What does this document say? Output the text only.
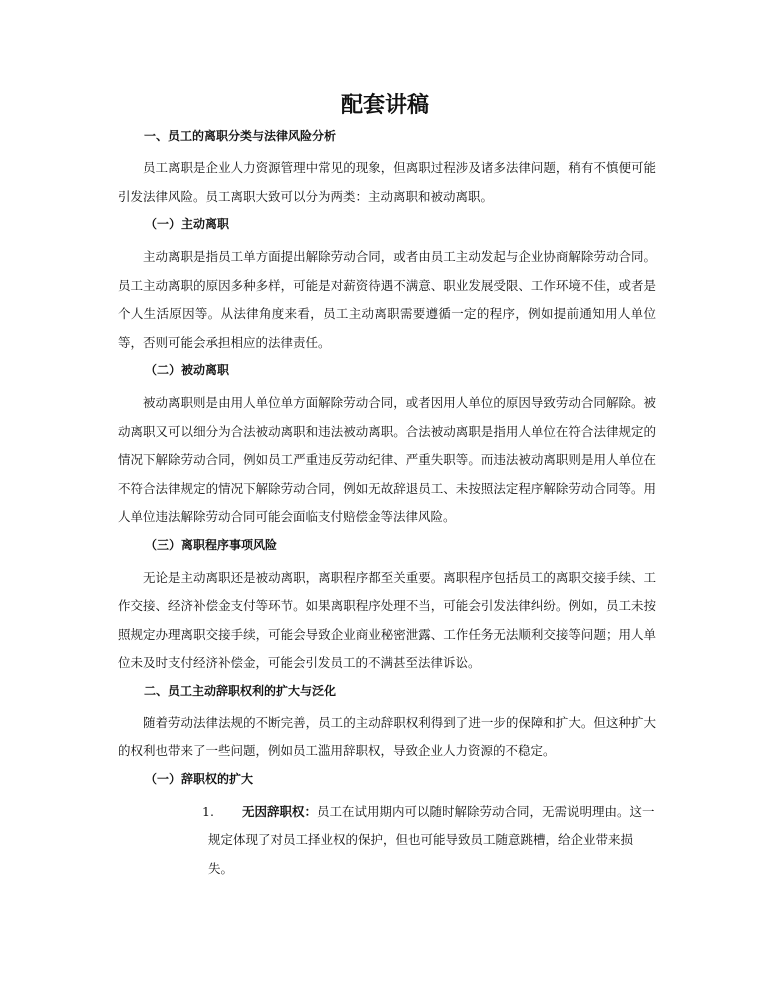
配套讲稿
一、员工的离职分类与法律风险分析

员工离职是企业人力资源管理中常见的现象，但离职过程涉及诸多法律问题，稍有不慎便可能引发法律风险。员工离职大致可以分为两类：主动离职和被动离职。

（一）主动离职

主动离职是指员工单方面提出解除劳动合同，或者由员工主动发起与企业协商解除劳动合同。员工主动离职的原因多种多样，可能是对薪资待遇不满意、职业发展受限、工作环境不佳，或者是个人生活原因等。从法律角度来看，员工主动离职需要遵循一定的程序，例如提前通知用人单位等，否则可能会承担相应的法律责任。

（二）被动离职

被动离职则是由用人单位单方面解除劳动合同，或者因用人单位的原因导致劳动合同解除。被动离职又可以细分为合法被动离职和违法被动离职。合法被动离职是指用人单位在符合法律规定的情况下解除劳动合同，例如员工严重违反劳动纪律、严重失职等。而违法被动离职则是用人单位在不符合法律规定的情况下解除劳动合同，例如无故辞退员工、未按照法定程序解除劳动合同等。用人单位违法解除劳动合同可能会面临支付赔偿金等法律风险。

（三）离职程序事项风险

无论是主动离职还是被动离职，离职程序都至关重要。离职程序包括员工的离职交接手续、工作交接、经济补偿金支付等环节。如果离职程序处理不当，可能会引发法律纠纷。例如，员工未按照规定办理离职交接手续，可能会导致企业商业秘密泄露、工作任务无法顺利交接等问题；用人单位未及时支付经济补偿金，可能会引发员工的不满甚至法律诉讼。

二、员工主动辞职权利的扩大与泛化

随着劳动法律法规的不断完善，员工的主动辞职权利得到了进一步的保障和扩大。但这种扩大的权利也带来了一些问题，例如员工滥用辞职权，导致企业人力资源的不稳定。

（一）辞职权的扩大

1. 无因辞职权：员工在试用期内可以随时解除劳动合同，无需说明理由。这一规定体现了对员工择业权的保护，但也可能导致员工随意跳槽，给企业带来损失。
